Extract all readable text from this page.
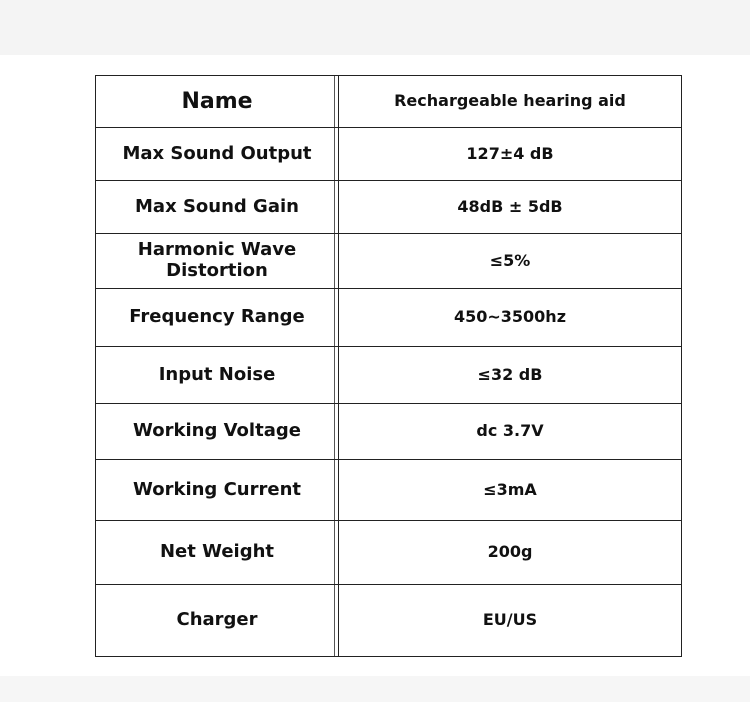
Name	Rechargeable hearing aid
Max Sound Output	127±4 dB
Max Sound Gain	48dB ± 5dB
Harmonic Wave Distortion	≤5%
Frequency Range	450~3500hz
Input Noise	≤32 dB
Working Voltage	dc 3.7V
Working Current	≤3mA
Net Weight	200g
Charger	EU/US
